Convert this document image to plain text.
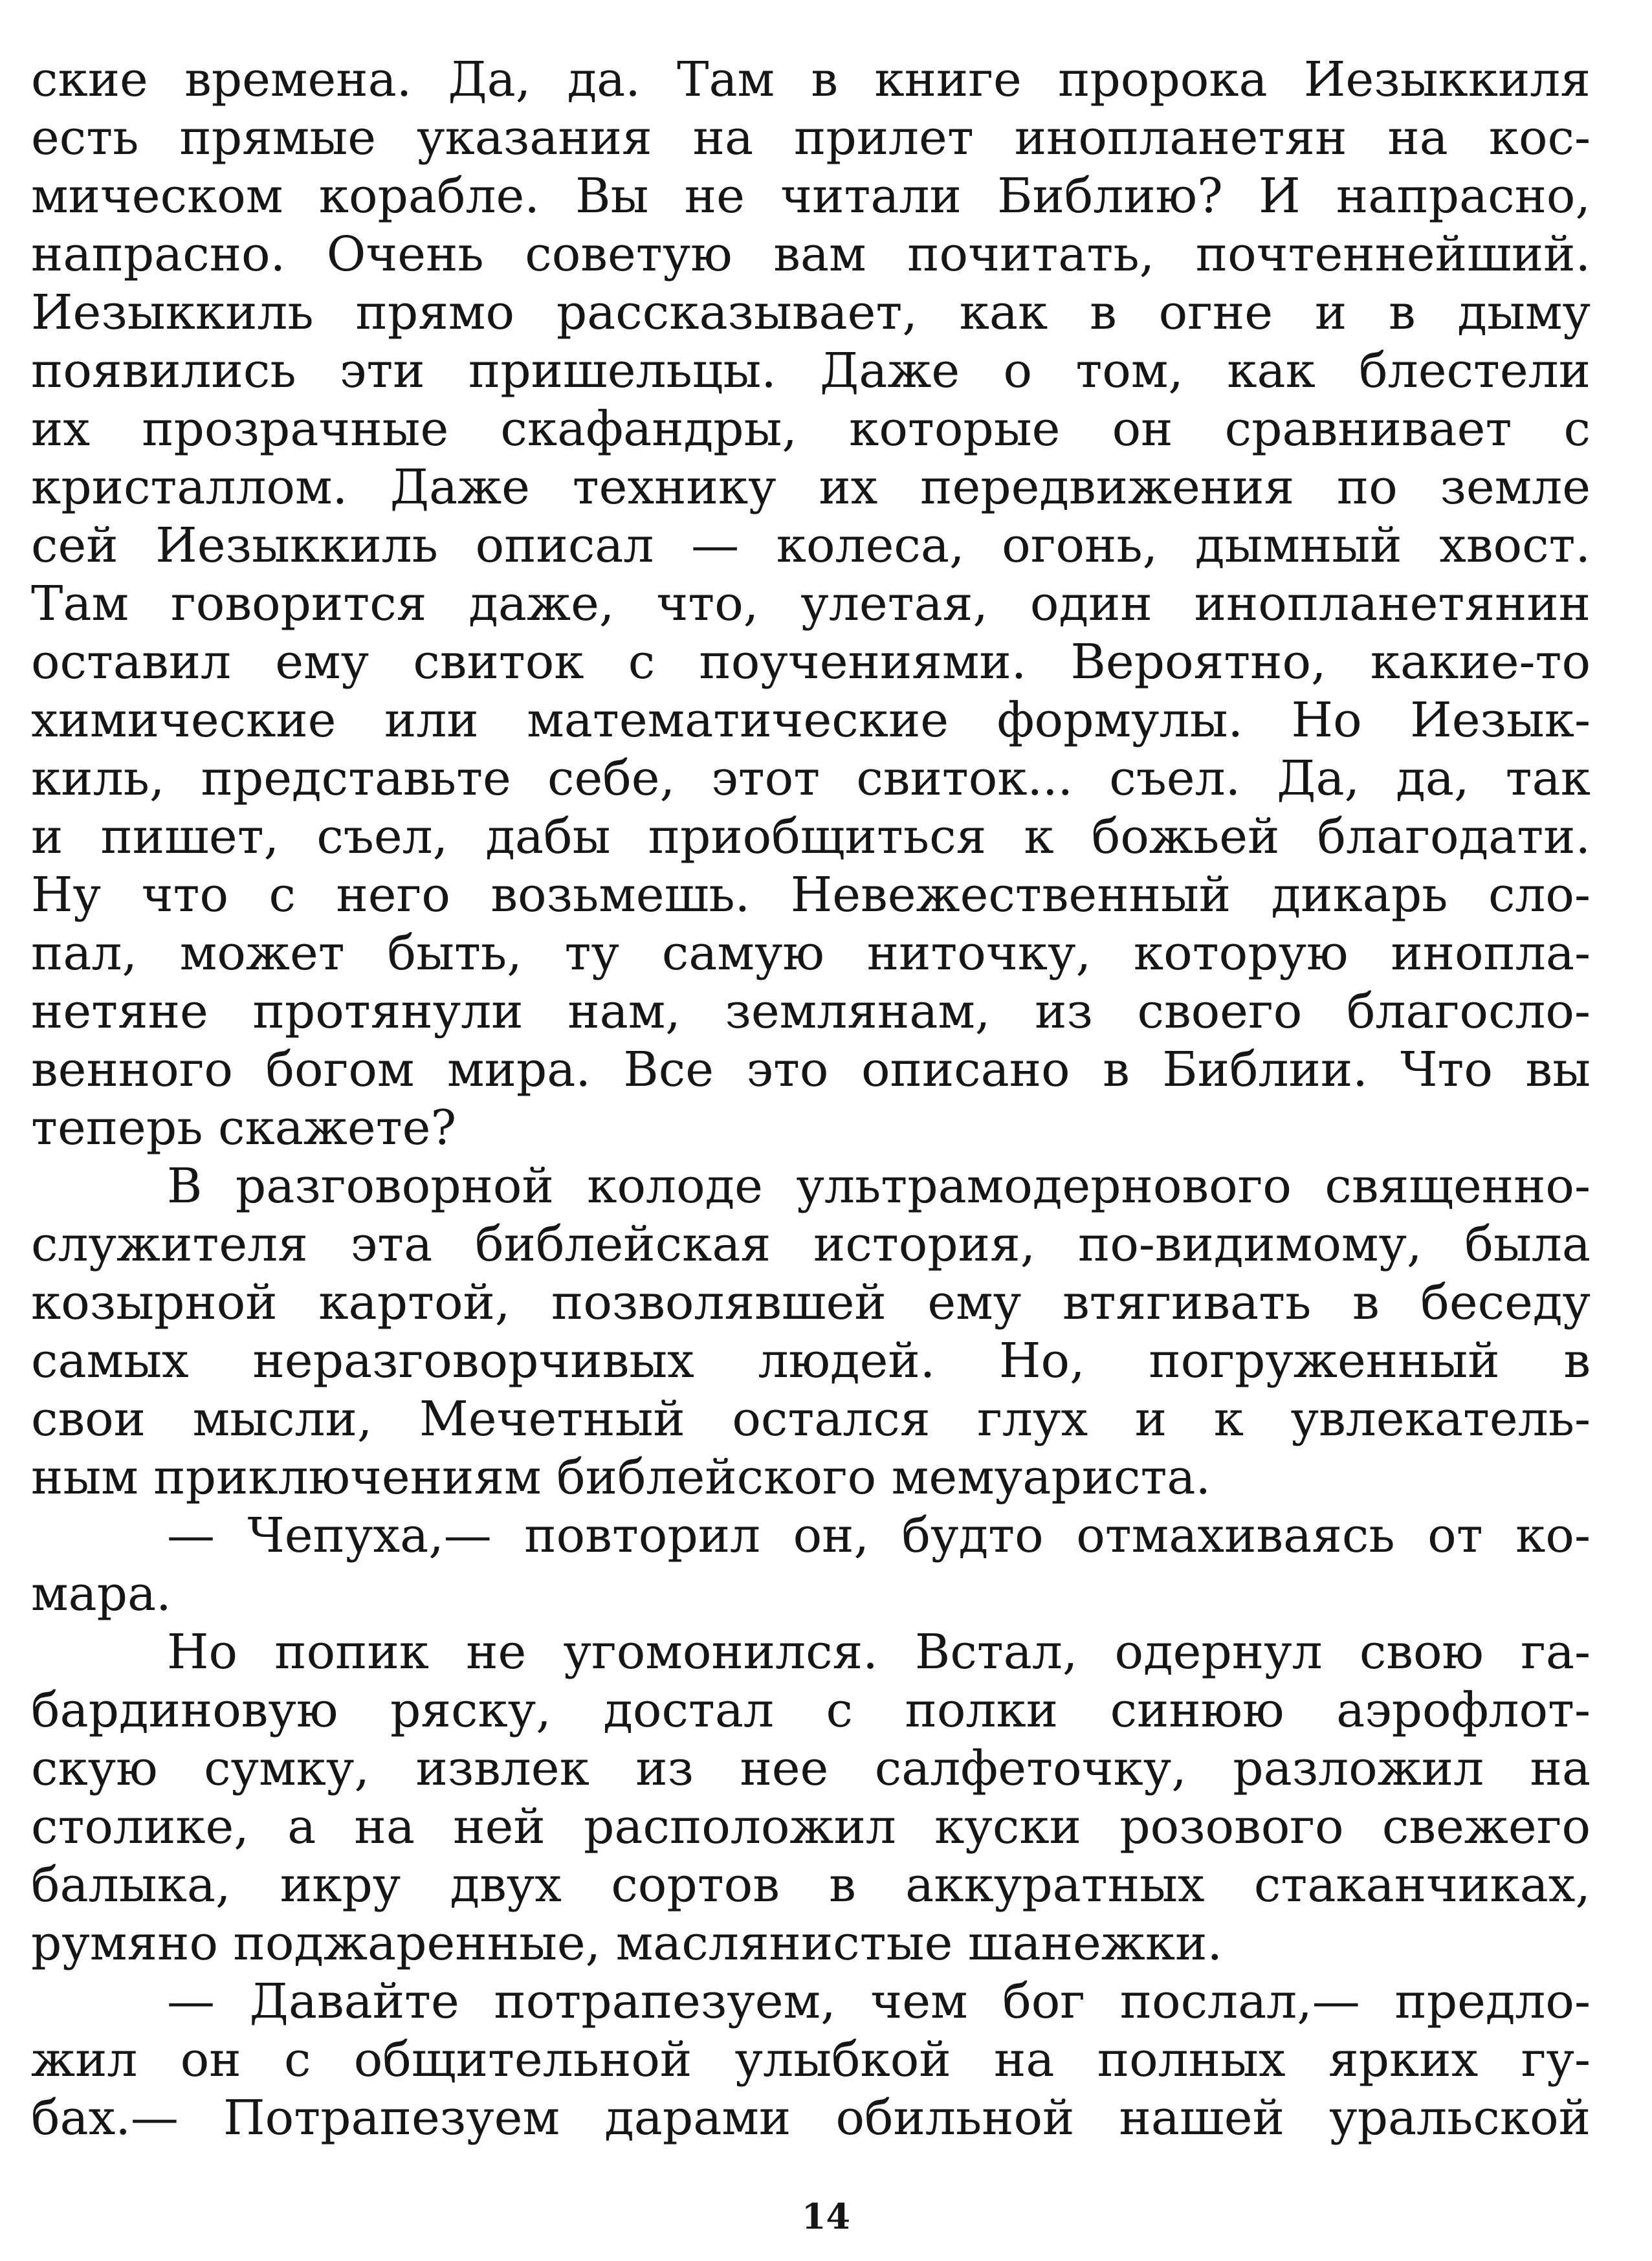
ские времена. Да, да. Там в книге пророка Иезыккиля
есть прямые указания на прилет инопланетян на кос-
мическом корабле. Вы не читали Библию? И напрасно,
напрасно. Очень советую вам почитать, почтеннейший.
Иезыккиль прямо рассказывает, как в огне и в дыму
появились эти пришельцы. Даже о том, как блестели
их прозрачные скафандры, которые он сравнивает с
кристаллом. Даже технику их передвижения по земле
сей Иезыккиль описал — колеса, огонь, дымный хвост.
Там говорится даже, что, улетая, один инопланетянин
оставил ему свиток с поучениями. Вероятно, какие-то
химические или математические формулы. Но Иезык-
киль, представьте себе, этот свиток... съел. Да, да, так
и пишет, съел, дабы приобщиться к божьей благодати.
Ну что с него возьмешь. Невежественный дикарь сло-
пал, может быть, ту самую ниточку, которую инопла-
нетяне протянули нам, землянам, из своего благосло-
венного богом мира. Все это описано в Библии. Что вы
теперь скажете?
В разговорной колоде ультрамодернового священно-
служителя эта библейская история, по-видимому, была
козырной картой, позволявшей ему втягивать в беседу
самых неразговорчивых людей. Но, погруженный в
свои мысли, Мечетный остался глух и к увлекатель-
ным приключениям библейского мемуариста.
— Чепуха,— повторил он, будто отмахиваясь от ко-
мара.
Но попик не угомонился. Встал, одернул свою га-
бардиновую ряску, достал с полки синюю аэрофлот-
скую сумку, извлек из нее салфеточку, разложил на
столике, а на ней расположил куски розового свежего
балыка, икру двух сортов в аккуратных стаканчиках,
румяно поджаренные, маслянистые шанежки.
— Давайте потрапезуем, чем бог послал,— предло-
жил он с общительной улыбкой на полных ярких гу-
бах.— Потрапезуем дарами обильной нашей уральской
14
